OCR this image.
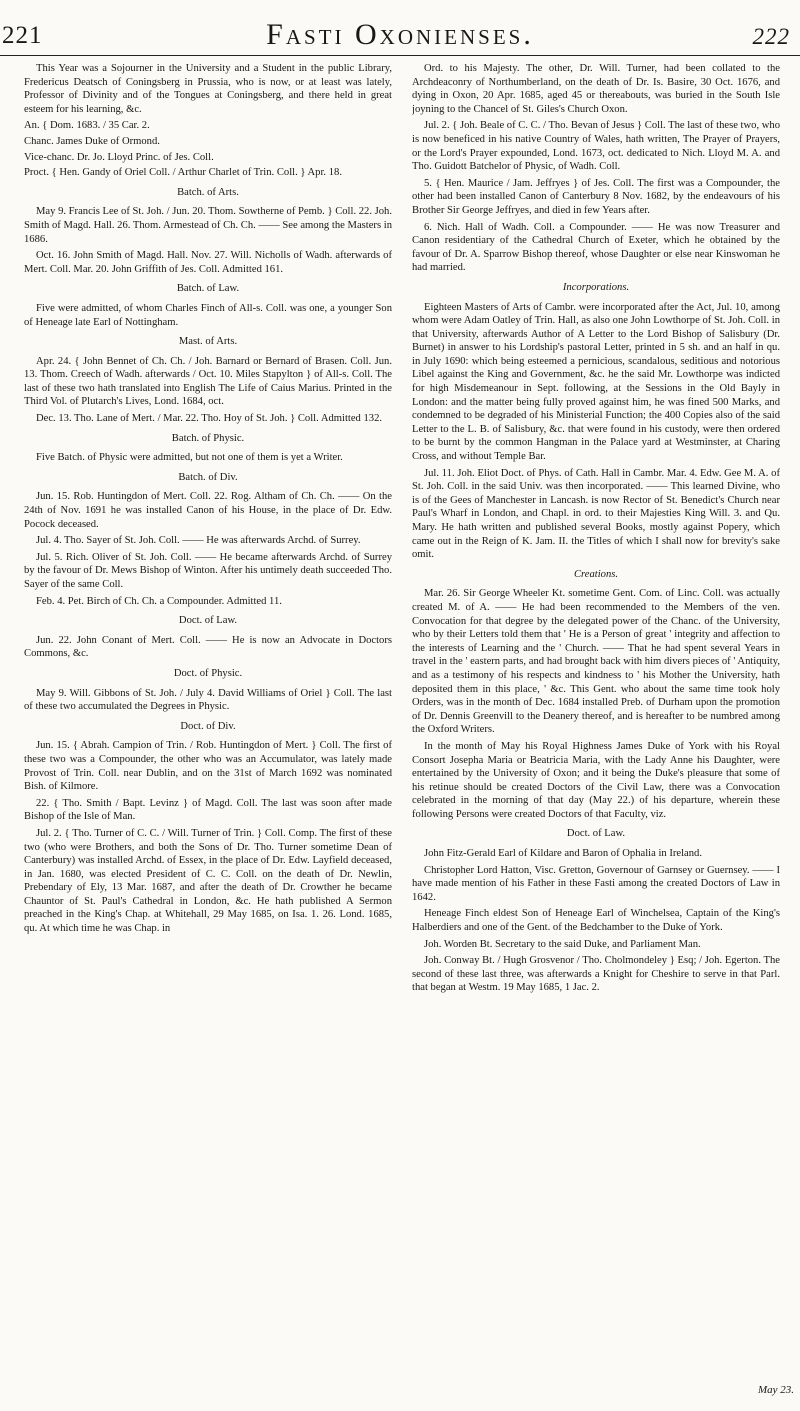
221	Fasti Oxonienses.	222

This Year was a Sojourner in the University and a Student in the public Library, Fredericus Deatsch of Coningsberg in Prussia, who is now, or at least was lately, Professor of Divinity and of the Tongues at Coningsberg, and there held in great esteem for his learning, &c.

An. { Dom. 1683. / 35 Car. 2.

Chanc. James Duke of Ormond.

Vice-chanc. Dr. Jo. Lloyd Princ. of Jes. Coll.

Proct. { Hen. Gandy of Oriel Coll. / Arthur Charlet of Trin. Coll. } Apr. 18.

Batch. of Arts.

May 9. Francis Lee of St. Joh. / Jun. 20. Thom. Sowtherne of Pemb. } Coll. 22. Joh. Smith of Magd. Hall. 26. Thom. Armestead of Ch. Ch. —— See among the Masters in 1686.

Oct. 16. John Smith of Magd. Hall. Nov. 27. Will. Nicholls of Wadh. afterwards of Mert. Coll. Mar. 20. John Griffith of Jes. Coll. Admitted 161.

Batch. of Law.

Five were admitted, of whom Charles Finch of All-s. Coll. was one, a younger Son of Heneage late Earl of Nottingham.

Mast. of Arts.

Apr. 24. { John Bennet of Ch. Ch. / Joh. Barnard or Bernard of Brasen. Coll. Jun. 13. Thom. Creech of Wadh. afterwards / Oct. 10. Miles Stapylton } of All-s. Coll. The last of these two hath translated into English The Life of Caius Marius. Printed in the Third Vol. of Plutarch's Lives, Lond. 1684, oct.

Dec. 13. Tho. Lane of Mert. / Mar. 22. Tho. Hoy of St. Joh. } Coll. Admitted 132.

Batch. of Physic.

Five Batch. of Physic were admitted, but not one of them is yet a Writer.

Batch. of Div.

Jun. 15. Rob. Huntingdon of Mert. Coll. 22. Rog. Altham of Ch. Ch. —— On the 24th of Nov. 1691 he was installed Canon of his House, in the place of Dr. Edw. Pocock deceased.

Jul. 4. Tho. Sayer of St. Joh. Coll. —— He was afterwards Archd. of Surrey.

Jul. 5. Rich. Oliver of St. Joh. Coll. —— He became afterwards Archd. of Surrey by the favour of Dr. Mews Bishop of Winton. After his untimely death succeeded Tho. Sayer of the same Coll.

Feb. 4. Pet. Birch of Ch. Ch. a Compounder. Admitted 11.

Doct. of Law.

Jun. 22. John Conant of Mert. Coll. —— He is now an Advocate in Doctors Commons, &c.

Doct. of Physic.

May 9. Will. Gibbons of St. Joh. / July 4. David Williams of Oriel } Coll. The last of these two accumulated the Degrees in Physic.

Doct. of Div.

Jun. 15. { Abrah. Campion of Trin. / Rob. Huntingdon of Mert. } Coll. The first of these two was a Compounder, the other who was an Accumulator, was lately made Provost of Trin. Coll. near Dublin, and on the 31st of March 1692 was nominated Bish. of Kilmore.

22. { Tho. Smith / Bapt. Levinz } of Magd. Coll. The last was soon after made Bishop of the Isle of Man.

Jul. 2. { Tho. Turner of C. C. / Will. Turner of Trin. } Coll. Comp. The first of these two (who were Brothers, and both the Sons of Dr. Tho. Turner sometime Dean of Canterbury) was installed Archd. of Essex, in the place of Dr. Edw. Layfield deceased, in Jan. 1680, was elected President of C. C. Coll. on the death of Dr. Newlin, Prebendary of Ely, 13 Mar. 1687, and after the death of Dr. Crowther he became Chauntor of St. Paul's Cathedral in London, &c. He hath published A Sermon preached in the King's Chap. at Whitehall, 29 May 1685, on Isa. 1. 26. Lond. 1685, qu. At which time he was Chap. in

Ord. to his Majesty. The other, Dr. Will. Turner, had been collated to the Archdeaconry of Northumberland, on the death of Dr. Is. Basire, 30 Oct. 1676, and dying in Oxon, 20 Apr. 1685, aged 45 or thereabouts, was buried in the South Isle joyning to the Chancel of St. Giles's Church Oxon.

Jul. 2. { Joh. Beale of C. C. / Tho. Bevan of Jesus } Coll. The last of these two, who is now beneficed in his native Country of Wales, hath written, The Prayer of Prayers, or the Lord's Prayer expounded, Lond. 1673, oct. dedicated to Nich. Lloyd M. A. and Tho. Guidott Batchelor of Physic, of Wadh. Coll.

5. { Hen. Maurice / Jam. Jeffryes } of Jes. Coll. The first was a Compounder, the other had been installed Canon of Canterbury 8 Nov. 1682, by the endeavours of his Brother Sir George Jeffryes, and died in few Years after.

6. Nich. Hall of Wadh. Coll. a Compounder. —— He was now Treasurer and Canon residentiary of the Cathedral Church of Exeter, which he obtained by the favour of Dr. A. Sparrow Bishop thereof, whose Daughter or else near Kinswoman he had married.

Incorporations.

Eighteen Masters of Arts of Cambr. were incorporated after the Act, Jul. 10, among whom were Adam Oatley of Trin. Hall, as also one John Lowthorpe of St. Joh. Coll. in that University, afterwards Author of A Letter to the Lord Bishop of Salisbury (Dr. Burnet) in answer to his Lordship's pastoral Letter, printed in 5 sh. and an half in qu. in July 1690: which being esteemed a pernicious, scandalous, seditious and notorious Libel against the King and Government, &c. he the said Mr. Lowthorpe was indicted for high Misdemeanour in Sept. following, at the Sessions in the Old Bayly in London: and the matter being fully proved against him, he was fined 500 Marks, and condemned to be degraded of his Ministerial Function; the 400 Copies also of the said Letter to the L. B. of Salisbury, &c. that were found in his custody, were then ordered to be burnt by the common Hangman in the Palace yard at Westminster, at Charing Cross, and without Temple Bar.

Jul. 11. Joh. Eliot Doct. of Phys. of Cath. Hall in Cambr. Mar. 4. Edw. Gee M. A. of St. Joh. Coll. in the said Univ. was then incorporated. —— This learned Divine, who is of the Gees of Manchester in Lancash. is now Rector of St. Benedict's Church near Paul's Wharf in London, and Chapl. in ord. to their Majesties King Will. 3. and Qu. Mary. He hath written and published several Books, mostly against Popery, which came out in the Reign of K. Jam. II. the Titles of which I shall now for brevity's sake omit.

Creations.

Mar. 26. Sir George Wheeler Kt. sometime Gent. Com. of Linc. Coll. was actually created M. of A. —— He had been recommended to the Members of the ven. Convocation for that degree by the delegated power of the Chanc. of the University, who by their Letters told them that ' He is a Person of great ' integrity and affection to the interests of Learning and the ' Church. —— That he had spent several Years in travel in the ' eastern parts, and had brought back with him divers pieces of ' Antiquity, and as a testimony of his respects and kindness to ' his Mother the University, hath deposited them in this place, ' &c. This Gent. who about the same time took holy Orders, was in the month of Dec. 1684 installed Preb. of Durham upon the promotion of Dr. Dennis Greenvill to the Deanery thereof, and is hereafter to be numbred among the Oxford Writers.

In the month of May his Royal Highness James Duke of York with his Royal Consort Josepha Maria or Beatricia Maria, with the Lady Anne his Daughter, were entertained by the University of Oxon; and it being the Duke's pleasure that some of his retinue should be created Doctors of the Civil Law, there was a Convocation celebrated in the morning of that day (May 22.) of his departure, wherein these following Persons were created Doctors of that Faculty, viz.

Doct. of Law.

John Fitz-Gerald Earl of Kildare and Baron of Ophalia in Ireland.

Christopher Lord Hatton, Visc. Gretton, Governour of Garnsey or Guernsey. —— I have made mention of his Father in these Fasti among the created Doctors of Law in 1642.

Heneage Finch eldest Son of Heneage Earl of Winchelsea, Captain of the King's Halberdiers and one of the Gent. of the Bedchamber to the Duke of York.

Joh. Worden Bt. Secretary to the said Duke, and Parliament Man.

Joh. Conway Bt. / Hugh Grosvenor / Tho. Cholmondeley } Esq; / Joh. Egerton. The second of these last three, was afterwards a Knight for Cheshire to serve in that Parl. that began at Westm. 19 May 1685, 1 Jac. 2.

May 23.
